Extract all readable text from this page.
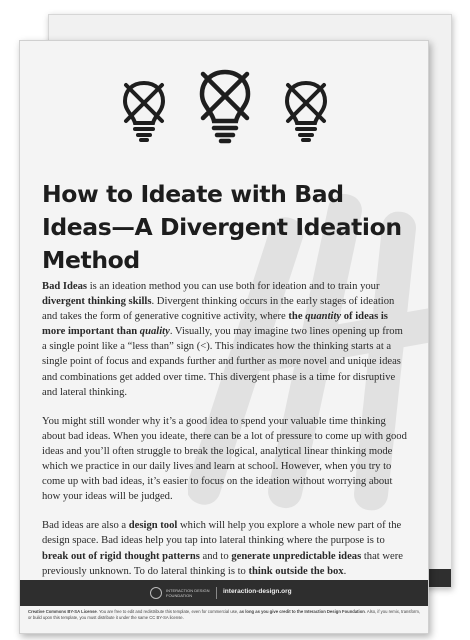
How to Ideate with Bad Ideas—A Divergent Ideation Method

Bad Ideas is an ideation method you can use both for ideation and to train your divergent thinking skills. Divergent thinking occurs in the early stages of ideation and takes the form of generative cognitive activity, where the quantity of ideas is more important than quality. Visually, you may imagine two lines opening up from a single point like a “less than” sign (<). This indicates how the thinking starts at a single point of focus and expands further and further as more novel and unique ideas and combinations get added over time. This divergent phase is a time for disruptive and lateral thinking.

You might still wonder why it’s a good idea to spend your valuable time thinking about bad ideas. When you ideate, there can be a lot of pressure to come up with good ideas and you’ll often struggle to break the logical, analytical linear thinking mode which we practice in our daily lives and learn at school. However, when you try to come up with bad ideas, it’s easier to focus on the ideation without worrying about how your ideas will be judged.

Bad ideas are also a design tool which will help you explore a whole new part of the design space. Bad ideas help you tap into lateral thinking where the purpose is to break out of rigid thought patterns and to generate unpredictable ideas that were previously unknown. To do lateral thinking is to think outside the box.

INTERACTION DESIGN
FOUNDATION
interaction-design.org
Creative Commons BY-SA License. You are free to edit and redistribute this template, even for commercial use, as long as you give credit to the Interaction Design Foundation. Also, if you remix, transform, or build upon this template, you must distribute it under the same CC BY-SA license.
